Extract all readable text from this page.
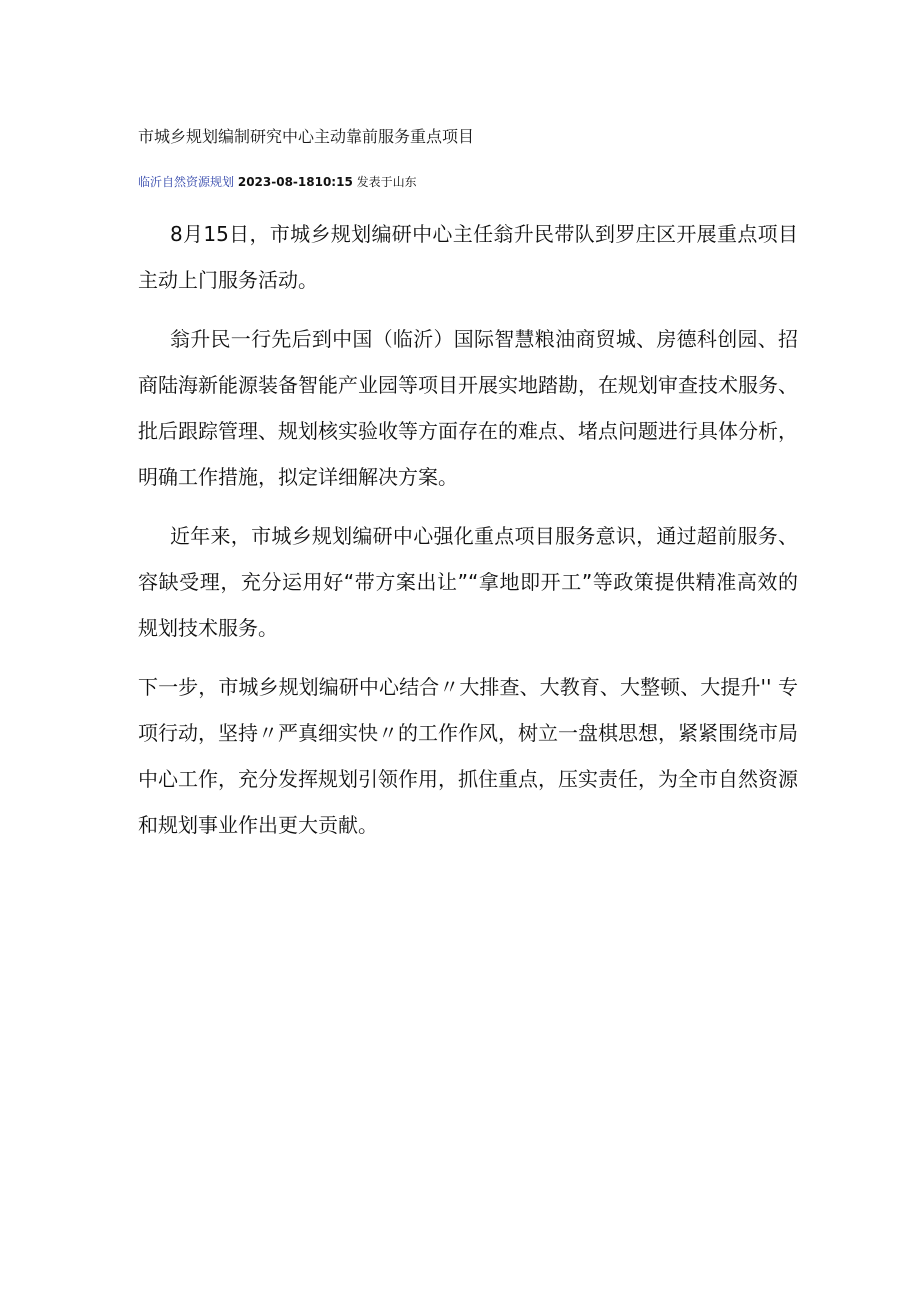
市城乡规划编制研究中心主动靠前服务重点项目
临沂自然资源规划 2023-08-1810:15 发表于山东

8月15日，市城乡规划编研中心主任翁升民带队到罗庄区开展重点项目主动上门服务活动。

翁升民一行先后到中国（临沂）国际智慧粮油商贸城、房德科创园、招商陆海新能源装备智能产业园等项目开展实地踏勘，在规划审查技术服务、批后跟踪管理、规划核实验收等方面存在的难点、堵点问题进行具体分析，明确工作措施，拟定详细解决方案。

近年来，市城乡规划编研中心强化重点项目服务意识，通过超前服务、容缺受理，充分运用好“带方案出让”“拿地即开工”等政策提供精准高效的规划技术服务。

下一步，市城乡规划编研中心结合〃大排查、大教育、大整顿、大提升'' 专项行动，坚持〃严真细实快〃的工作作风，树立一盘棋思想，紧紧围绕市局中心工作，充分发挥规划引领作用，抓住重点，压实责任，为全市自然资源和规划事业作出更大贡献。
